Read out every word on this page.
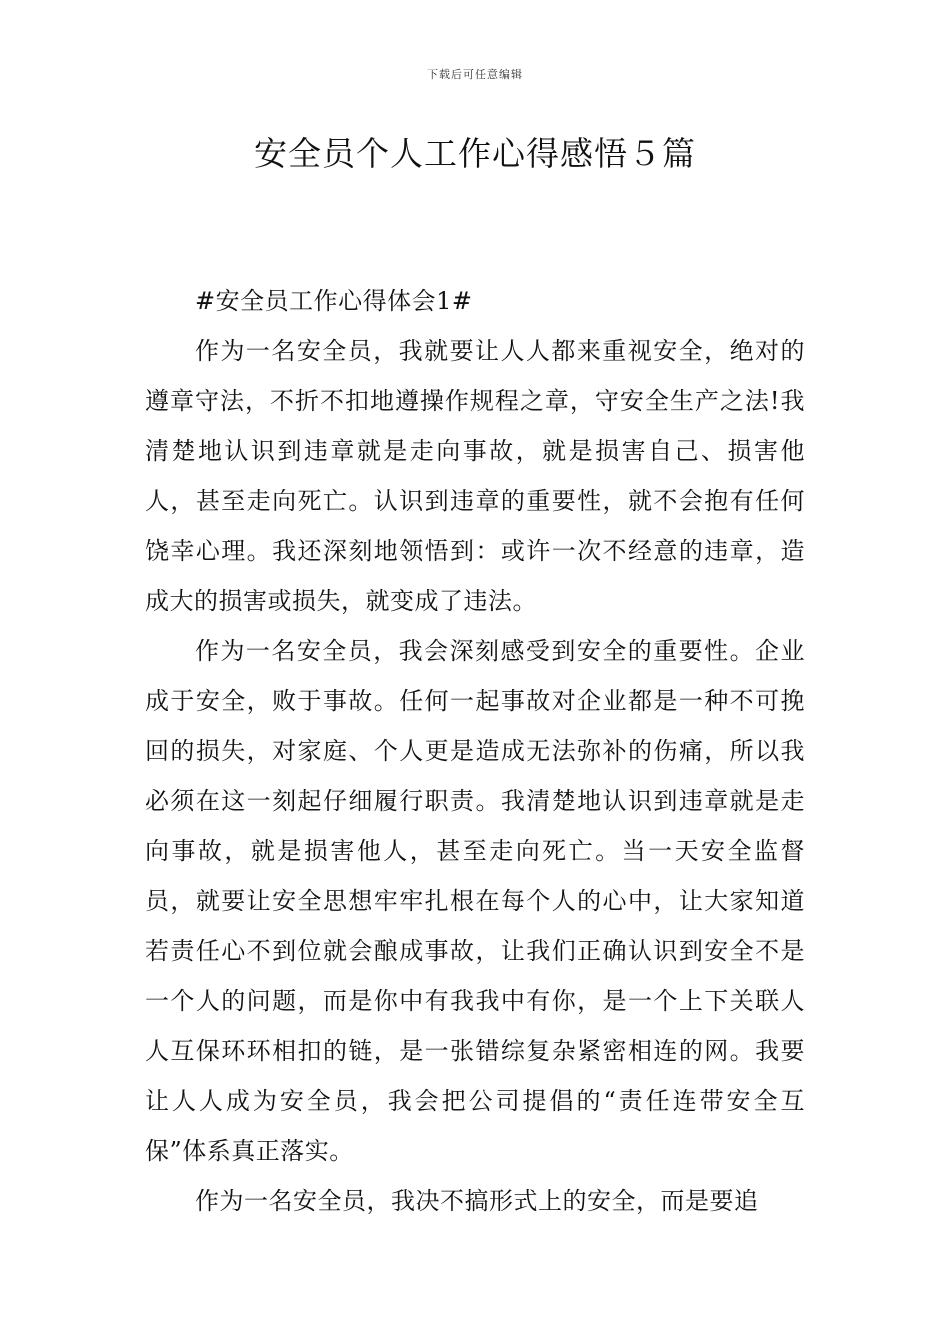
下载后可任意编辑
安全员个人工作心得感悟５篇

#安全员工作心得体会1#

作为一名安全员，我就要让人人都来重视安全，绝对的遵章守法，不折不扣地遵操作规程之章，守安全生产之法!我清楚地认识到违章就是走向事故，就是损害自己、损害他人，甚至走向死亡。认识到违章的重要性，就不会抱有任何饶幸心理。我还深刻地领悟到：或许一次不经意的违章，造成大的损害或损失，就变成了违法。

作为一名安全员，我会深刻感受到安全的重要性。企业成于安全，败于事故。任何一起事故对企业都是一种不可挽回的损失，对家庭、个人更是造成无法弥补的伤痛，所以我必须在这一刻起仔细履行职责。我清楚地认识到违章就是走向事故，就是损害他人，甚至走向死亡。当一天安全监督员，就要让安全思想牢牢扎根在每个人的心中，让大家知道若责任心不到位就会酿成事故，让我们正确认识到安全不是一个人的问题，而是你中有我我中有你，是一个上下关联人人互保环环相扣的链，是一张错综复杂紧密相连的网。我要让人人成为安全员，我会把公司提倡的“责任连带安全互保”体系真正落实。

作为一名安全员，我决不搞形式上的安全，而是要追
